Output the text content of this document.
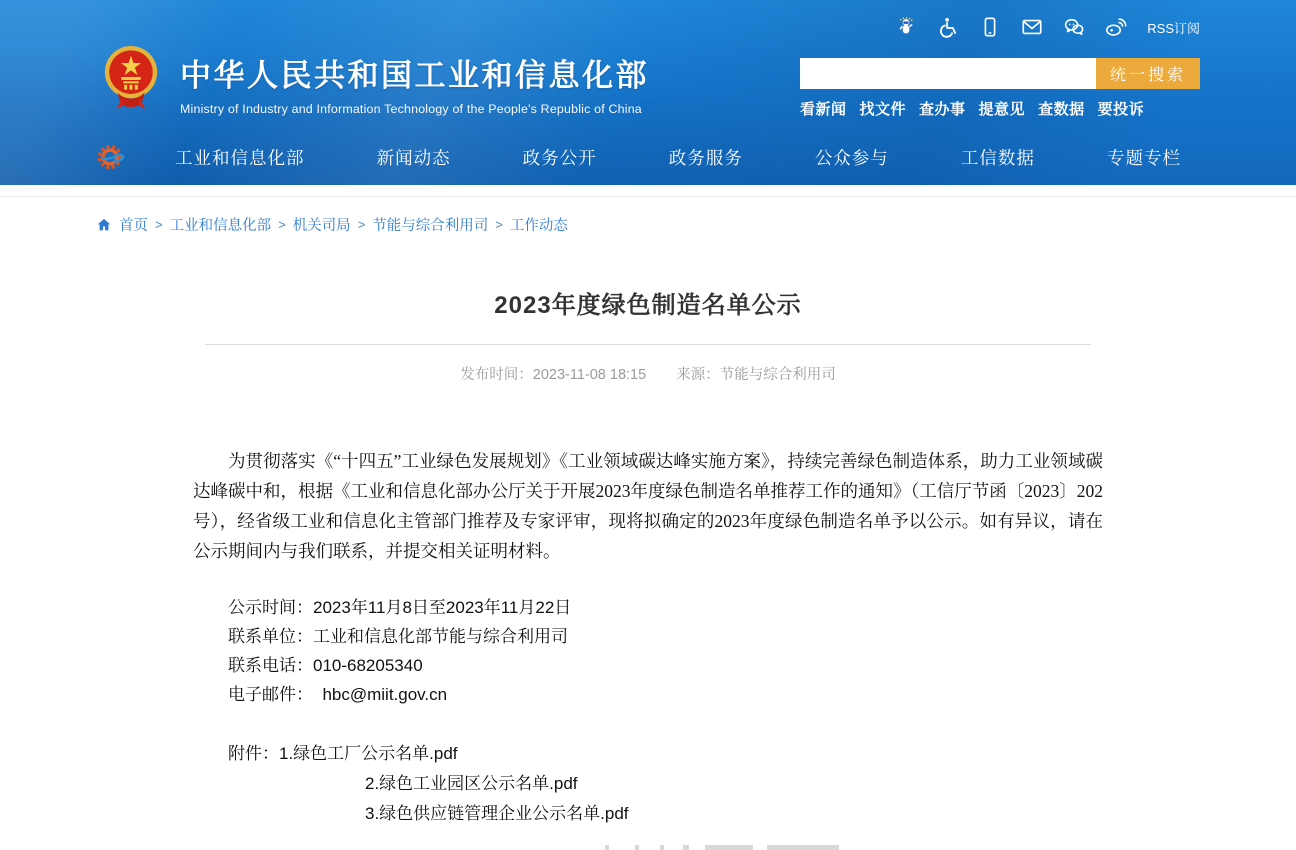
RSS订阅
中华人民共和国工业和信息化部
Ministry of Industry and Information Technology of the People's Republic of China
统一搜索
看新闻 找文件 查办事 提意见 查数据 要投诉
工业和信息化部	新闻动态	政务公开	政务服务	公众参与	工信数据	专题专栏
首页 > 工业和信息化部 > 机关司局 > 节能与综合利用司 > 工作动态
2023年度绿色制造名单公示
发布时间：2023-11-08 18:15 来源：节能与综合利用司

为贯彻落实《“十四五”工业绿色发展规划》《工业领域碳达峰实施方案》，持续完善绿色制造体系，助力工业领域碳达峰碳中和，根据《工业和信息化部办公厅关于开展2023年度绿色制造名单推荐工作的通知》（工信厅节函〔2023〕202号），经省级工业和信息化主管部门推荐及专家评审，现将拟确定的2023年度绿色制造名单予以公示。如有异议，请在公示期间内与我们联系，并提交相关证明材料。

公示时间：2023年11月8日至2023年11月22日
联系单位：工业和信息化部节能与综合利用司
联系电话：010-68205340
电子邮件：  hbc@miit.gov.cn
附件：1.绿色工厂公示名单.pdf
2.绿色工业园区公示名单.pdf
3.绿色供应链管理企业公示名单.pdf
